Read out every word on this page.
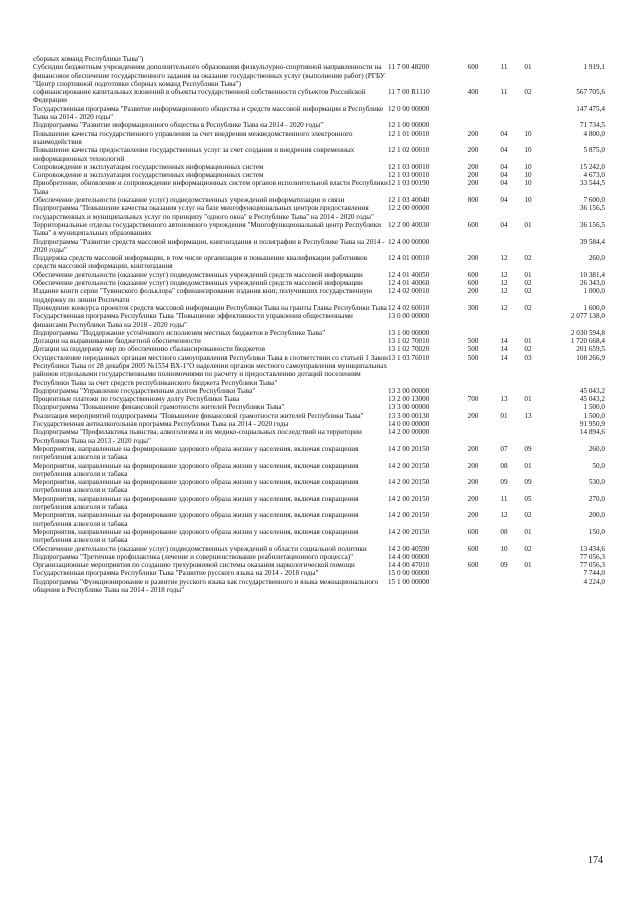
сборных команд Республики Тыва")					
Субсидии бюджетным учреждениям дополнительного образования физкультурно-спортивной направленности на финансовое обеспечение государственного задания на оказание государственных услуг (выполнение работ) (РГБУ "Центр спортивной подготовки сборных команд Республики Тыва")	11 7 00 48200	600	11	01	1 919,1
софинансирование капитальных вложений в объекты государственной собственности субъектов Российской Федерации	11 7 00 R1110	400	11	02	567 705,6
Государственная программа "Развитие информационного общества и средств массовой информации в Республике Тыва на 2014 - 2020 годы"	12 0 00 00000				147 475,4
Подпрограмма "Развитие информационного общества в Республике Тыва на 2014 - 2020 годы"	12 1 00 00000				71 734,5
Повышение качества государственного управления за счет внедрения межведомственного электронного взаимодействия	12 1 01 00010	200	04	10	4 800,0
Повышение качества предоставления государственных услуг за счет создания и внедрения современных информационных технологий	12 1 02 00010	200	04	10	5 875,0
Сопровождение и эксплуатация государственных информационных систем	12 1 03 00010	200	04	10	15 242,0
Сопровождение и эксплуатация государственных информационных систем	12 1 03 00010	200	04	10	4 673,0
Приобретение, обновление и сопровождение информационных систем органов исполнительной власти Республики Тыва	12 1 03 00190	200	04	10	33 544,5
Обеспечение деятельности (оказание услуг) подведомственных учреждений информатизации и связи	12 1 03 40040	800	04	10	7 600,0
Подпрограмма "Повышение качества оказания услуг на базе многофункциональных центров предоставления государственных и муниципальных услуг по принципу "одного окна" в Республике Тыва" на 2014 - 2020 годы"	12 2 00 00000				36 156,5
Территориальные отделы государственного автономного учреждения "Многофункциональный центр Республики Тыва" в муниципальных образованиях	12 2 00 40030	600	04	01	36 156,5
Подпрограмма "Развитие средств массовой информации, книгоиздания и полиграфии в Республике Тыва на 2014 - 2020 годы"	12 4 00 00000				39 584,4
Поддержка средств массовой информации, в том числе организация и повышение квалификации работников средств массовой информации, книгоиздания	12 4 01 00010	200	12	02	260,0
Обеспечение деятельности (оказание услуг) подведомственных учреждений средств массовой информации	12 4 01 40050	600	12	01	10 381,4
Обеспечение деятельности (оказание услуг) подведомственных учреждений средств массовой информации	12 4 01 40060	600	12	02	26 343,0
Издание книги серии "Тувинского фольклора" софинансирование издания книг, получивших государственную поддержку по линии Роспечати	12 4 02 00010	200	12	02	1 000,0
Проведение конкурса проектов средств массовой информации Республики Тыва на гранты Главы Республики Тыва	12 4 02 60010	300	12	02	1 600,0
Государственная программа Республики Тыва "Повышение эффективности управления общественными финансами Республики Тыва на 2018 - 2020 годы"	13 0 00 00000				2 077 138,0
Подпрограмма "Поддержание устойчивого исполнения местных бюджетов в Республике Тыва"	13 1 00 00000				2 030 594,8
Дотации на выравнивание бюджетной обеспеченности	13 1 02 70010	500	14	01	1 720 668,4
Дотации на поддержку мер по обеспечению сбалансированности бюджетов	13 1 02 70020	500	14	02	201 659,5
Осуществление переданных органам местного самоуправления Республики Тыва в соответствии со статьей 1 Закон Республики Тыва от 28 декабря 2005 №1554 ВХ-1"О наделении органов местного самоуправления муниципальных районов отдельными государственными полномочиями по расчету и предоставлению дотаций поселениям Республики Тыва за счет средств республиканского бюджета Республики Тыва"	13 1 03 76010	500	14	03	108 266,9
Подпрограмма "Управление государственным долгом Республики Тыва"	13 2 00 00000				45 043,2
Процентные платежи по государственному долгу Республики Тыва	13 2 00 13000	700	13	01	45 043,2
Подпрограмма "Повышение финансовой грамотности жителей Республики Тыва"	13 3 00 00000				1 500,0
Реализация мероприятий подпрограммы "Повышение финансовой грамотности жителей Республики Тыва"	13 3 00 00130	200	01	13	1 500,0
Государственная антиалкогольная программа Республики Тыва на 2014 - 2020 годы	14 0 00 00000				91 950,9
Подпрограмма "Профилактика пьянства, алкоголизма и их медико-социальных последствий на территории Республики Тыва на 2013 - 2020 годы"	14 2 00 00000				14 894,6
Мероприятия, направленные на формирование здорового образа жизни у населения, включая сокращения потребления алкоголя и табака	14 2 00 20150	200	07	09	260,0
Мероприятия, направленные на формирование здорового образа жизни у населения, включая сокращения потребления алкоголя и табака	14 2 00 20150	200	08	01	50,0
Мероприятия, направленные на формирование здорового образа жизни у населения, включая сокращения потребления алкоголя и табака	14 2 00 20150	200	09	09	530,0
Мероприятия, направленные на формирование здорового образа жизни у населения, включая сокращения потребления алкоголя и табака	14 2 00 20150	200	11	05	270,0
Мероприятия, направленные на формирование здорового образа жизни у населения, включая сокращения потребления алкоголя и табака	14 2 00 20150	200	12	02	200,0
Мероприятия, направленные на формирование здорового образа жизни у населения, включая сокращения потребления алкоголя и табака	14 2 00 20150	600	08	01	150,0
Обеспечение деятельности (оказание услуг) подведомственных учреждений в области социальной политики	14 2 00 40590	600	10	02	13 434,6
Подпрограмма "Третичная профилактика (лечение и совершенствование реабилитационного процесса)"	14 4 00 00000				77 056,3
Организационные мероприятия по созданию трехуровневой системы оказания наркологической помощи	14 4 00 47010	600	09	01	77 056,3
Государственная программа Республики Тыва "Развитие русского языка на 2014 - 2018 годы"	15 0 00 00000				7 744,0
Подпрограмма "Функционирование и развитие русского языка как государственного и языка межнационального общения в Республике Тыва на 2014 - 2018 годы"	15 1 00 00000				4 224,0
174
